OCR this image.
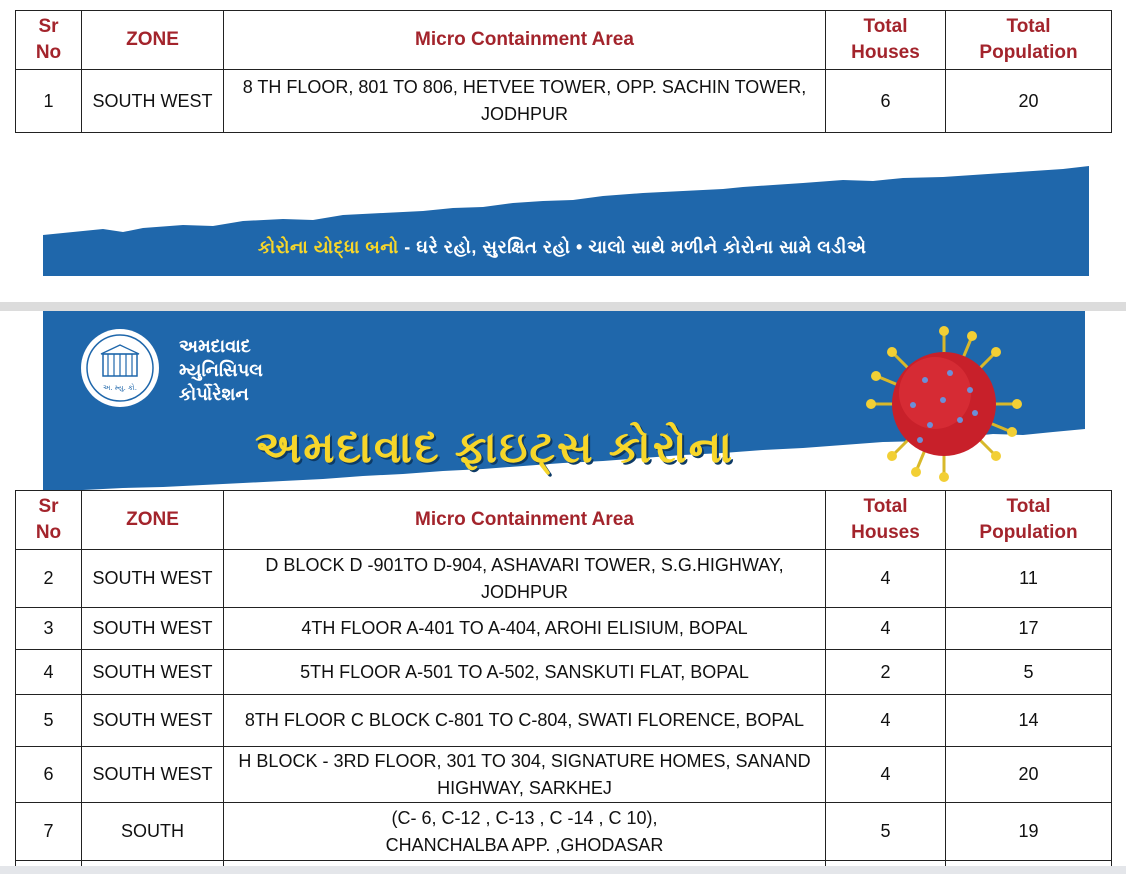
Sr
No	ZONE	Micro Containment Area	Total
Houses	Total
Population
1	SOUTH WEST	8 TH FLOOR, 801 TO 806, HETVEE TOWER, OPP. SACHIN TOWER,
JODHPUR	6	20
કોરોના યોદ્ધા બનો - ઘરે રહો, સુરક્ષિત રહો • ચાલો સાથે મળીને કોરોના સામે લડીએ
અ. મ્યુ. કો.
અમદાવાદ
મ્યુનિસિપલ
કોર્પોરેશન
અમદાવાદ ફાઇટ્સ કોરોના
Sr
No	ZONE	Micro Containment Area	Total
Houses	Total
Population
2	SOUTH WEST	D BLOCK D -901TO D-904, ASHAVARI TOWER, S.G.HIGHWAY,
JODHPUR	4	11
3	SOUTH WEST	4TH FLOOR A-401 TO A-404, AROHI ELISIUM, BOPAL	4	17
4	SOUTH WEST	5TH FLOOR A-501 TO A-502, SANSKUTI FLAT, BOPAL	2	5
5	SOUTH WEST	8TH FLOOR C BLOCK C-801 TO C-804, SWATI FLORENCE, BOPAL	4	14
6	SOUTH WEST	H BLOCK - 3RD FLOOR, 301 TO 304, SIGNATURE HOMES, SANAND
HIGHWAY, SARKHEJ	4	20
7	SOUTH	(C- 6, C-12 , C-13 , C -14 , C 10),
CHANCHALBA APP. ,GHODASAR	5	19
